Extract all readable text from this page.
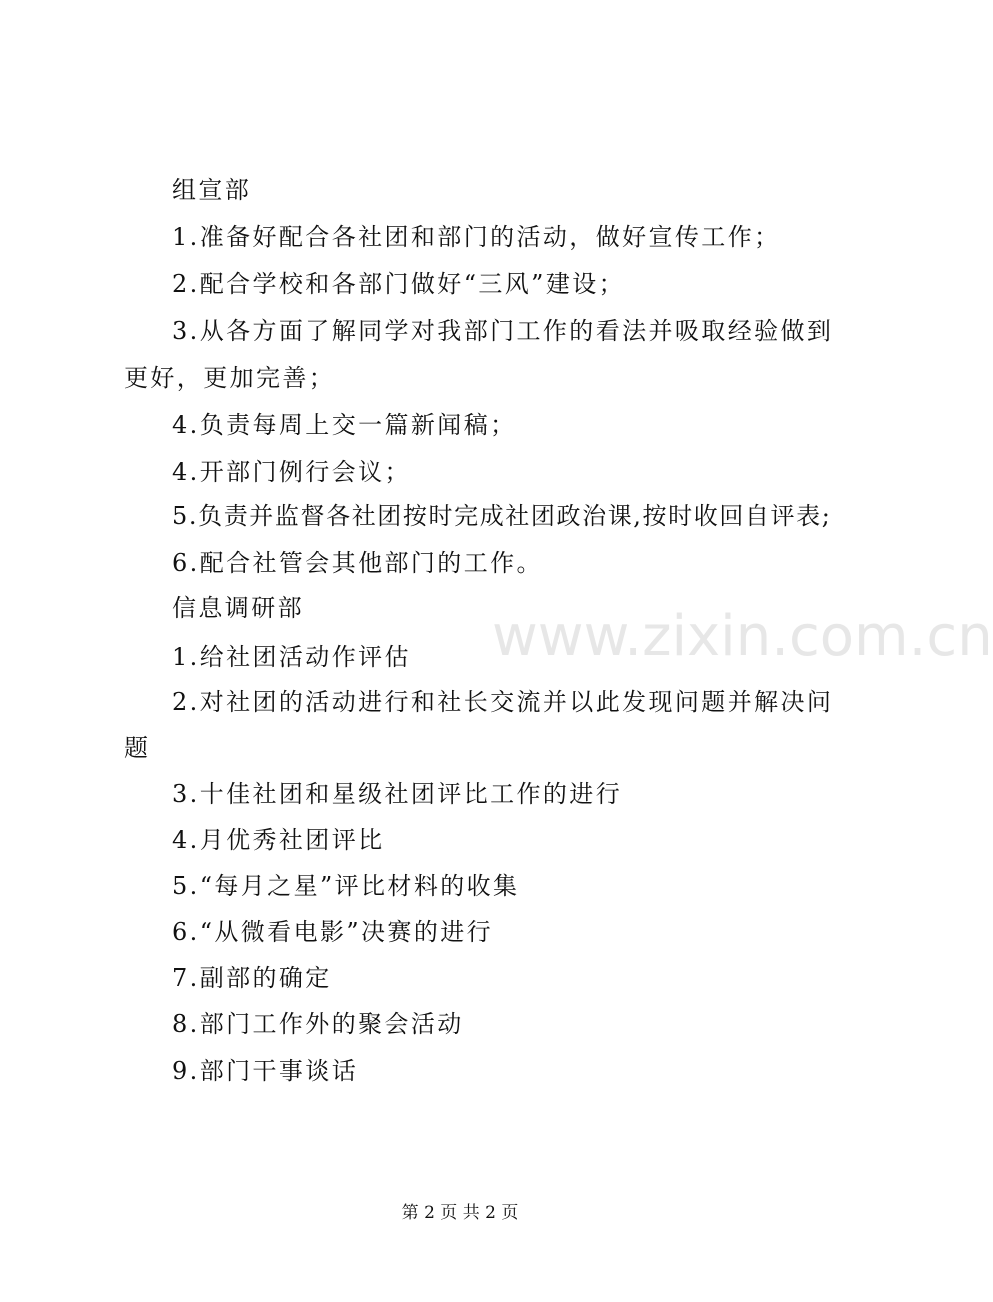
www.zixin.com.cn
组宣部
1.准备好配合各社团和部门的活动，做好宣传工作；
2.配合学校和各部门做好“三风”建设；
3.从各方面了解同学对我部门工作的看法并吸取经验做到
更好，更加完善；
4.负责每周上交一篇新闻稿；
4.开部门例行会议；
5.负责并监督各社团按时完成社团政治课,按时收回自评表;
6.配合社管会其他部门的工作。
信息调研部
1.给社团活动作评估
2.对社团的活动进行和社长交流并以此发现问题并解决问
题
3.十佳社团和星级社团评比工作的进行
4.月优秀社团评比
5.“每月之星”评比材料的收集
6.“从微看电影”决赛的进行
7.副部的确定
8.部门工作外的聚会活动
9.部门干事谈话
第 2 页 共 2 页
